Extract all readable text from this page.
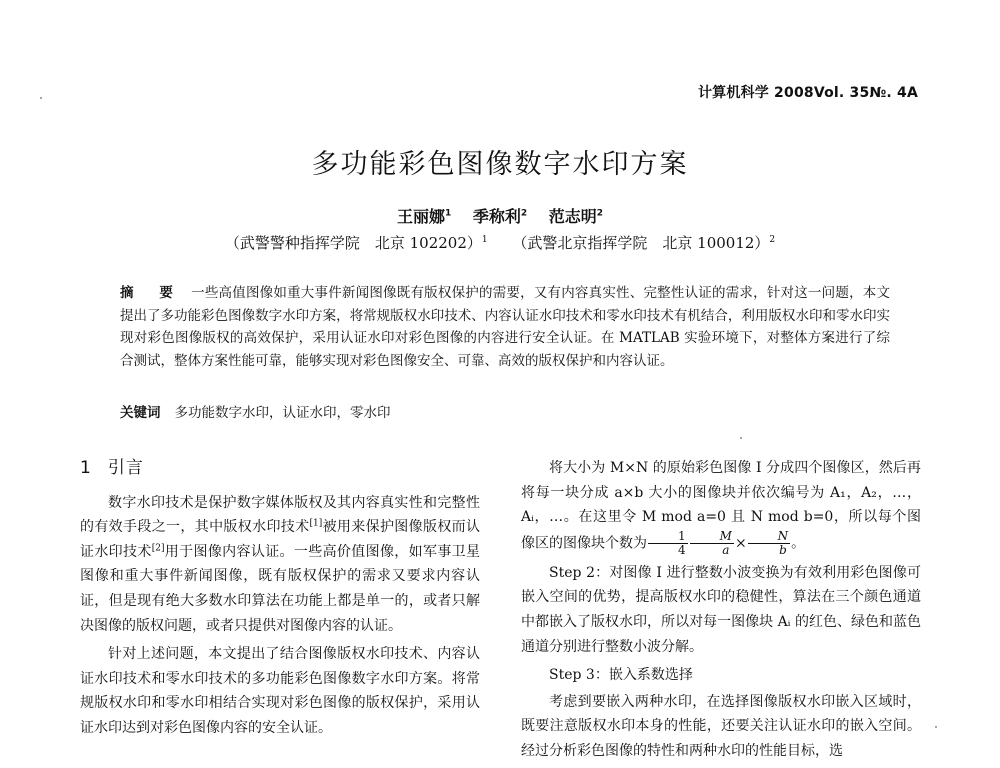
计算机科学 2008Vol. 35№. 4A
多功能彩色图像数字水印方案
王丽娜$^1$ 季称利$^2$ 范志明$^2$
（武警警种指挥学院　北京 102202）$^1$ （武警北京指挥学院　北京 100012）$^2$
摘　要 一些高值图像如重大事件新闻图像既有版权保护的需要，又有内容真实性、完整性认证的需求，针对这一问题，本文提出了多功能彩色图像数字水印方案，将常规版权水印技术、内容认证水印技术和零水印技术有机结合，利用版权水印和零水印实现对彩色图像版权的高效保护，采用认证水印对彩色图像的内容进行安全认证。在 MATLAB 实验环境下，对整体方案进行了综合测试，整体方案性能可靠，能够实现对彩色图像安全、可靠、高效的版权保护和内容认证。
关键词 多功能数字水印，认证水印，零水印
1 引言

数字水印技术是保护数字媒体版权及其内容真实性和完整性的有效手段之一，其中版权水印技术[1]被用来保护图像版权而认证水印技术[2]用于图像内容认证。一些高价值图像，如军事卫星图像和重大事件新闻图像，既有版权保护的需求又要求内容认证，但是现有绝大多数水印算法在功能上都是单一的，或者只解决图像的版权问题，或者只提供对图像内容的认证。

针对上述问题，本文提出了结合图像版权水印技术、内容认证水印技术和零水印技术的多功能彩色图像数字水印方案。将常规版权水印和零水印相结合实现对彩色图像的版权保护，采用认证水印达到对彩色图像内容的安全认证。

将大小为 M×N 的原始彩色图像 I 分成四个图像区，然后再将每一块分成 a×b 大小的图像块并依次编号为 A₁，A₂，…，Aᵢ，…。在这里令 M mod a=0 且 N mod b=0，所以每个图像区的图像块个数为 $\frac{1}{4} \frac{M}{a} \times \frac{N}{b}$ 。

Step 2：对图像 I 进行整数小波变换为有效利用彩色图像可嵌入空间的优势，提高版权水印的稳健性，算法在三个颜色通道中都嵌入了版权水印，所以对每一图像块 Aᵢ 的红色、绿色和蓝色通道分别进行整数小波分解。

Step 3：嵌入系数选择

考虑到要嵌入两种水印，在选择图像版权水印嵌入区域时，既要注意版权水印本身的性能，还要关注认证水印的嵌入空间。经过分析彩色图像的特性和两种水印的性能目标，选
